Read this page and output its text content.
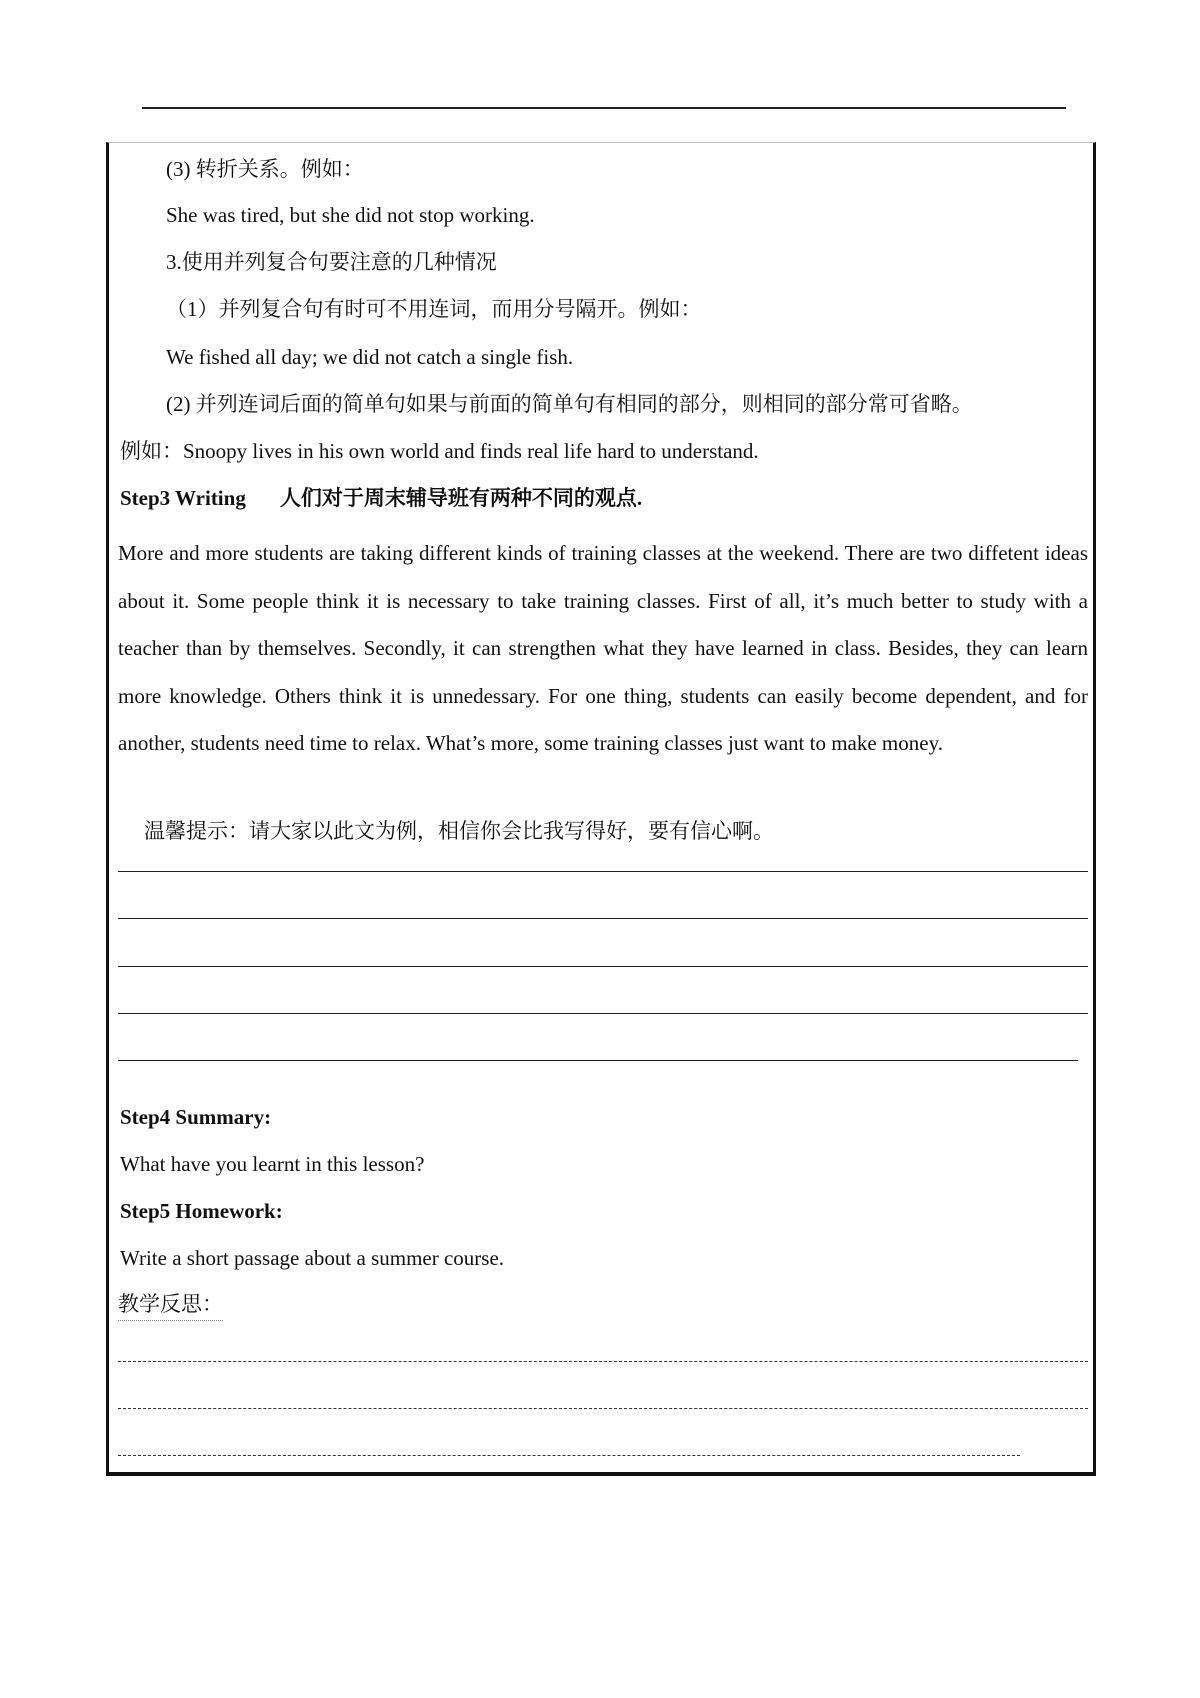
(3) 转折关系。例如：

She was tired, but she did not stop working.

3.使用并列复合句要注意的几种情况

（1）并列复合句有时可不用连词，而用分号隔开。例如：

We fished all day; we did not catch a single fish.

(2) 并列连词后面的简单句如果与前面的简单句有相同的部分，则相同的部分常可省略。

例如：Snoopy lives in his own world and finds real life hard to understand.

Step3 Writing 人们对于周末辅导班有两种不同的观点.

More and more students are taking different kinds of training classes at the weekend. There are two diffetent ideas about it. Some people think it is necessary to take training classes. First of all, it’s much better to study with a teacher than by themselves. Secondly, it can strengthen what they have learned in class. Besides, they can learn more knowledge. Others think it is unnedessary. For one thing, students can easily become dependent, and for another, students need time to relax. What’s more, some training classes just want to make money.

温馨提示：请大家以此文为例，相信你会比我写得好，要有信心啊。

Step4 Summary:

What have you learnt in this lesson?

Step5 Homework:

Write a short passage about a summer course.

教学反思：
